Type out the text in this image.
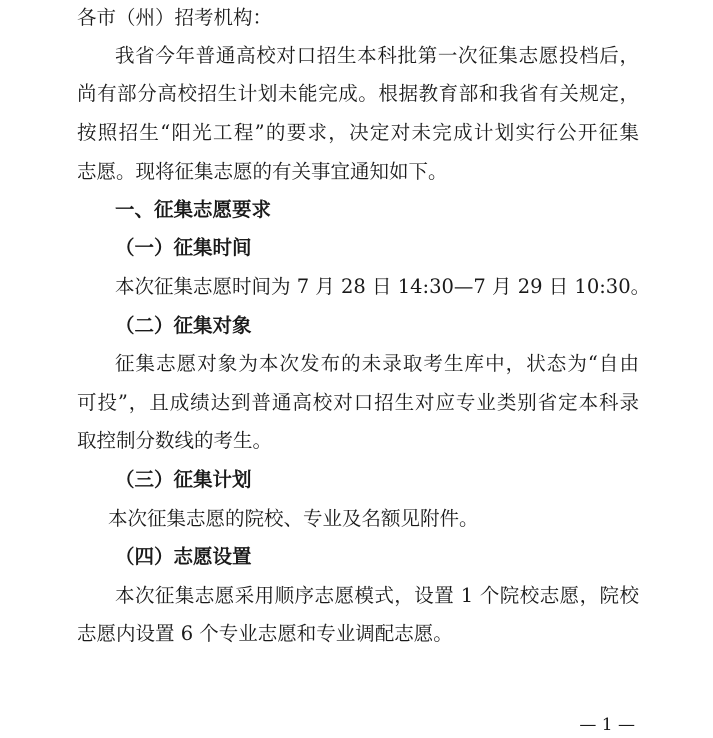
各市（州）招考机构：
我省今年普通高校对口招生本科批第一次征集志愿投档后，
尚有部分高校招生计划未能完成。根据教育部和我省有关规定，
按照招生“阳光工程”的要求，决定对未完成计划实行公开征集
志愿。现将征集志愿的有关事宜通知如下。
一、征集志愿要求
（一）征集时间
本次征集志愿时间为 7 月 28 日 14:30—7 月 29 日 10:30。
（二）征集对象
征集志愿对象为本次发布的未录取考生库中，状态为“自由
可投”，且成绩达到普通高校对口招生对应专业类别省定本科录
取控制分数线的考生。
（三）征集计划
本次征集志愿的院校、专业及名额见附件。
（四）志愿设置
本次征集志愿采用顺序志愿模式，设置 1 个院校志愿，院校
志愿内设置 6 个专业志愿和专业调配志愿。
— 1 —
